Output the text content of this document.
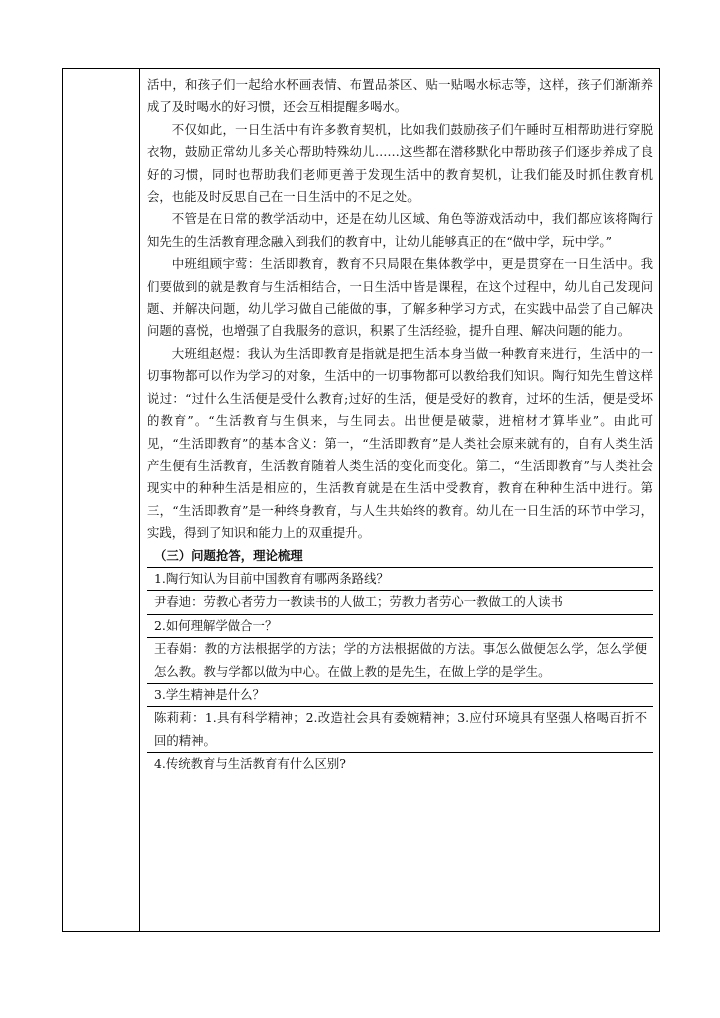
活中，和孩子们一起给水杯画表情、布置品茶区、贴一贴喝水标志等，这样，孩子们渐渐养成了及时喝水的好习惯，还会互相提醒多喝水。

不仅如此，一日生活中有许多教育契机，比如我们鼓励孩子们午睡时互相帮助进行穿脱衣物，鼓励正常幼儿多关心帮助特殊幼儿……这些都在潜移默化中帮助孩子们逐步养成了良好的习惯，同时也帮助我们老师更善于发现生活中的教育契机，让我们能及时抓住教育机会，也能及时反思自己在一日生活中的不足之处。

不管是在日常的教学活动中，还是在幼儿区域、角色等游戏活动中，我们都应该将陶行知先生的生活教育理念融入到我们的教育中，让幼儿能够真正的在“做中学，玩中学。”

中班组顾宇莺：生活即教育，教育不只局限在集体教学中，更是贯穿在一日生活中。我们要做到的就是教育与生活相结合，一日生活中皆是课程，在这个过程中，幼儿自己发现问题、并解决问题，幼儿学习做自己能做的事，了解多种学习方式，在实践中品尝了自己解决问题的喜悦，也增强了自我服务的意识，积累了生活经验，提升自理、解决问题的能力。

大班组赵煜：我认为生活即教育是指就是把生活本身当做一种教育来进行，生活中的一切事物都可以作为学习的对象，生活中的一切事物都可以教给我们知识。陶行知先生曾这样说过：“过什么生活便是受什么教育;过好的生活，便是受好的教育，过坏的生活，便是受坏的教育”。“生活教育与生俱来，与生同去。出世便是破蒙，进棺材才算毕业”。由此可见，“生活即教育”的基本含义：第一，“生活即教育”是人类社会原来就有的，自有人类生活产生便有生活教育，生活教育随着人类生活的变化而变化。第二，“生活即教育”与人类社会现实中的种种生活是相应的，生活教育就是在生活中受教育，教育在种种生活中进行。第三，“生活即教育”是一种终身教育，与人生共始终的教育。幼儿在一日生活的环节中学习，实践，得到了知识和能力上的双重提升。

（三）问题抢答，理论梳理

1.陶行知认为目前中国教育有哪两条路线？

尹春迪：劳教心者劳力一教读书的人做工；劳教力者劳心一教做工的人读书

2.如何理解学做合一？

王春娟：教的方法根据学的方法；学的方法根据做的方法。事怎么做便怎么学，怎么学便怎么教。教与学都以做为中心。在做上教的是先生，在做上学的是学生。

3.学生精神是什么？

陈莉莉：1.具有科学精神；2.改造社会具有委婉精神；3.应付环境具有坚强人格喝百折不回的精神。

4.传统教育与生活教育有什么区别?
